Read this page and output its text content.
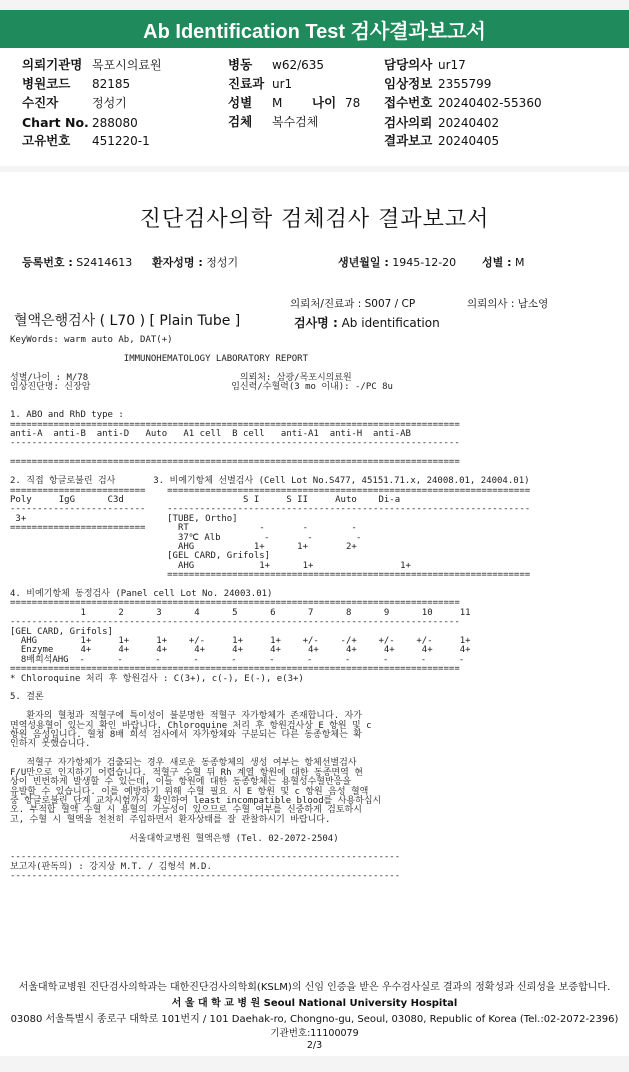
Ab Identification Test 검사결과보고서
의뢰기관명 목포시의료원	병동 w62/635	담당의사 ur17
병원코드 82185	진료과 ur1	임상정보 2355799
수진자	정성기	성별 M 나이 78 접수번호 20240402-55360
Chart No. 288080	검체 복수검체	검사의뢰 20240402
고유번호 451220-1	결과보고 20240405
진단검사의학 검체검사 결과보고서
등록번호 : S2414613 환자성명 : 정성기	생년월일 : 1945-12-20 성별 : M
의뢰처/진료과 : S007 / CP	의뢰의사 : 남소영
혈액은행검사 ( L70 ) [ Plain Tube ]	검사명 : Ab identification
KeyWords: warm auto Ab, DAT(+)

IMMUNOHEMATOLOGY LABORATORY REPORT

성별/나이 : M/78                            의뢰처: 삼광/목포시의료원
임상진단명: 신장암                          임신력/수혈력(3 mo 이내): -/PC 8u

1. ABO and RhD type :
===================================================================================
anti-A  anti-B  anti-D   Auto   A1 cell  B cell   anti-A1  anti-H  anti-AB
-----------------------------------------------------------------------------------

===================================================================================

2. 직접 항글로불린 검사       3. 비예기항체 선별검사 (Cell Lot No.S477, 45151.71.x, 24008.01, 24004.01)
=========================    ===================================================================
Poly     IgG      C3d                      S I     S II     Auto    Di-a
-------------------------    -------------------------------------------------------------------
3+                          [TUBE, Ortho]
=========================      RT             -       -        -
37℃ Alb        -       -        -
AHG           1+      1+       2+
[GEL CARD, Grifols]
AHG            1+      1+                1+
===================================================================

4. 비예기항체 동정검사 (Panel cell Lot No. 24003.01)
===================================================================================
1      2      3      4      5      6      7      8      9      10     11
-----------------------------------------------------------------------------------
[GEL CARD, Grifols]
AHG        1+     1+     1+    +/-     1+     1+    +/-    -/+    +/-    +/-     1+
Enzyme     4+     4+     4+     4+     4+     4+     4+     4+     4+     4+     4+
8배희석AHG  -      -      -      -      -      -      -      -      -      -      -
===================================================================================
* Chloroquine 처리 후 항원검사 : C(3+), c(-), E(-), e(3+)

5. 결론

환자의 혈청과 적혈구에 특이성이 불분명한 적혈구 자가항체가 존재합니다. 자가
면역성용혈이 있는지 확인 바랍니다. Chloroquine 처리 후 항원검사상 E 항원 및 c
항원 음성입니다. 혈청 8배 희석 검사에서 자가항체와 구분되는 다른 동종항체는 확
인하지 못했습니다.

적혈구 자가항체가 검출되는 경우 새로운 동종항체의 생성 여부는 항체선별검사
F/U만으로 인지하기 어렵습니다. 적혈구 수혈 뒤 Rh 계열 항원에 대한 동종면역 현
상이 빈번하게 발생할 수 있는데, 이들 항원에 대한 동종항체는 용혈성수혈반응을
유발할 수 있습니다. 이를 예방하기 위해 수혈 필요 시 E 항원 및 c 항원 음성 혈액
중 항글로불린 단계 교차시험까지 확인하여 least incompatible blood를 사용하십시
오. 부적합 혈액 수혈 시 용혈의 가능성이 있으므로 수혈 여부를 신중하게 검토하시
고, 수혈 시 혈액을 천천히 주입하면서 환자상태를 잘 관찰하시기 바랍니다.

서울대학교병원 혈액은행 (Tel. 02-2072-2504)

------------------------------------------------------------------------
보고자(판독의) : 강지상 M.T. / 김형석 M.D.
------------------------------------------------------------------------
서울대학교병원 진단검사의학과는 대한진단검사의학회(KSLM)의 신임 인증을 받은 우수검사실로 결과의 정확성과 신뢰성을 보증합니다.
서 울 대 학 교 병 원 Seoul National University Hospital
03080 서울특별시 종로구 대학로 101번지 / 101 Daehak-ro, Chongno-gu, Seoul, 03080, Republic of Korea (Tel.:02-2072-2396)
기관번호:11100079
2/3
